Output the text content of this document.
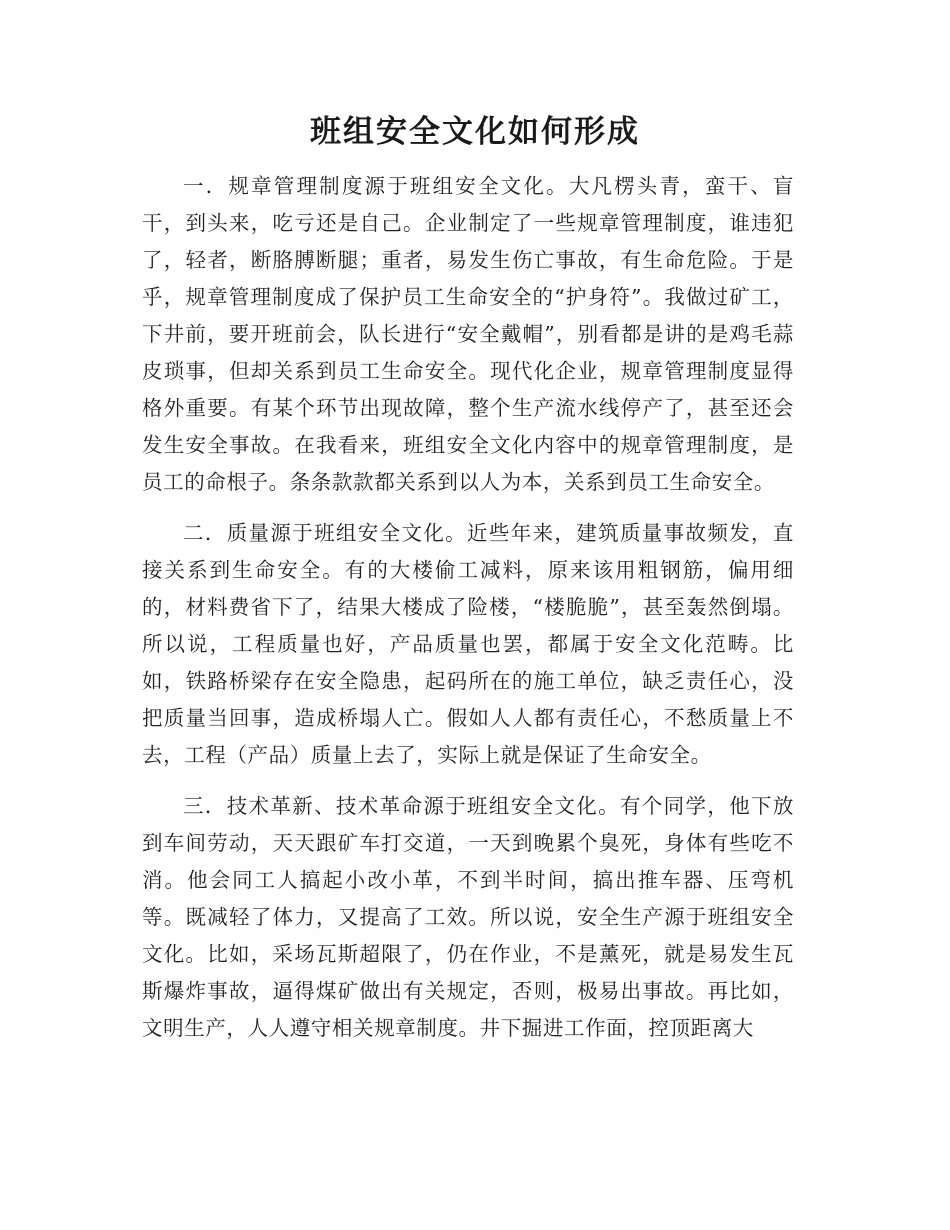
班组安全文化如何形成

一．规章管理制度源于班组安全文化。大凡楞头青，蛮干、盲干，到头来，吃亏还是自己。企业制定了一些规章管理制度，谁违犯了，轻者，断胳膊断腿；重者，易发生伤亡事故，有生命危险。于是乎，规章管理制度成了保护员工生命安全的“护身符”。我做过矿工，下井前，要开班前会，队长进行“安全戴帽”，别看都是讲的是鸡毛蒜皮琐事，但却关系到员工生命安全。现代化企业，规章管理制度显得格外重要。有某个环节出现故障，整个生产流水线停产了，甚至还会发生安全事故。在我看来，班组安全文化内容中的规章管理制度，是员工的命根子。条条款款都关系到以人为本，关系到员工生命安全。

二．质量源于班组安全文化。近些年来，建筑质量事故频发，直接关系到生命安全。有的大楼偷工减料，原来该用粗钢筋，偏用细的，材料费省下了，结果大楼成了险楼，“楼脆脆”，甚至轰然倒塌。所以说，工程质量也好，产品质量也罢，都属于安全文化范畴。比如，铁路桥梁存在安全隐患，起码所在的施工单位，缺乏责任心，没把质量当回事，造成桥塌人亡。假如人人都有责任心，不愁质量上不去，工程（产品）质量上去了，实际上就是保证了生命安全。

三．技术革新、技术革命源于班组安全文化。有个同学，他下放到车间劳动，天天跟矿车打交道，一天到晚累个臭死，身体有些吃不消。他会同工人搞起小改小革，不到半时间，搞出推车器、压弯机等。既减轻了体力，又提高了工效。所以说，安全生产源于班组安全文化。比如，采场瓦斯超限了，仍在作业，不是薰死，就是易发生瓦斯爆炸事故，逼得煤矿做出有关规定，否则，极易出事故。再比如，文明生产，人人遵守相关规章制度。井下掘进工作面，控顶距离大
